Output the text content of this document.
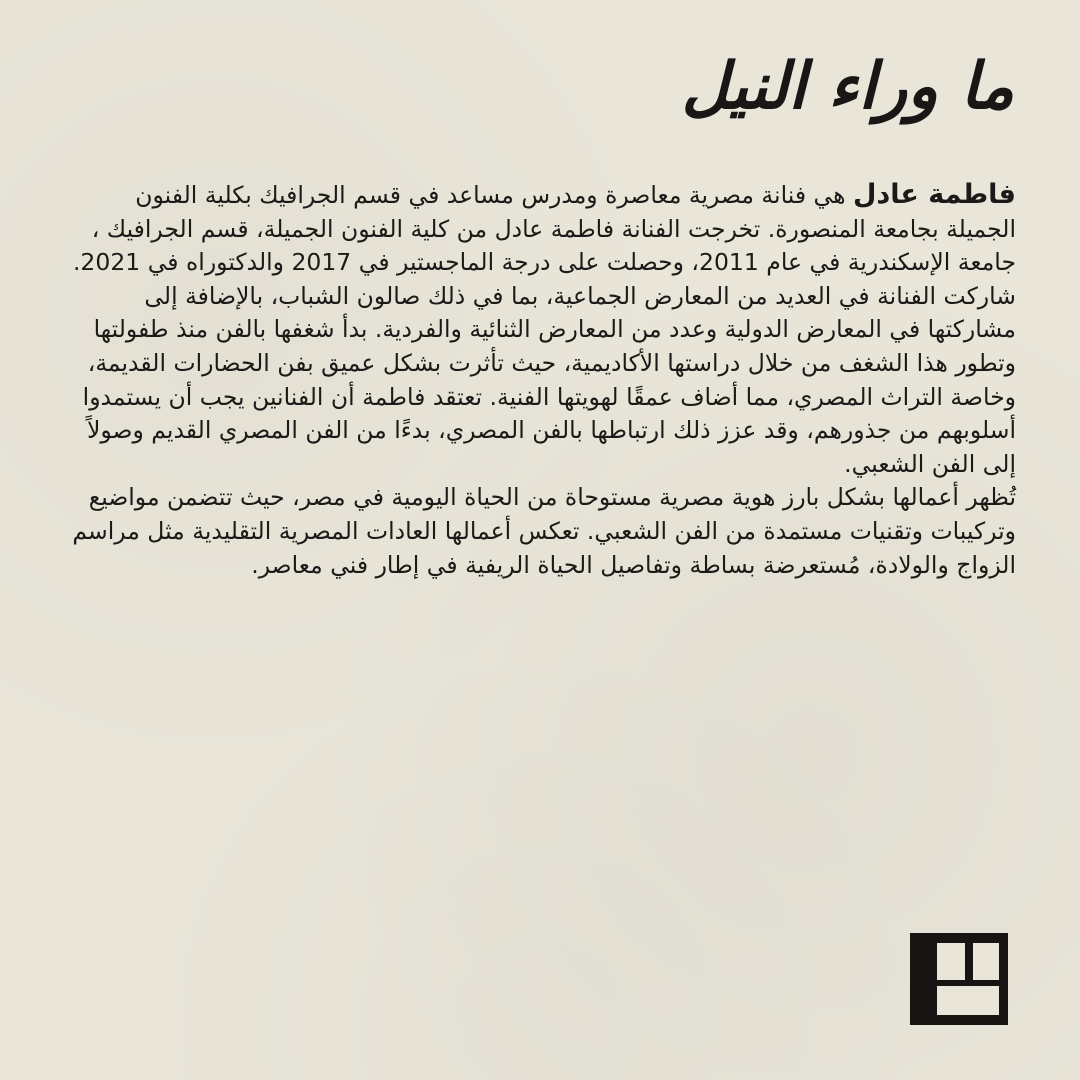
ما وراء النيل

فاطمة عادل هي فنانة مصرية معاصرة ومدرس مساعد في قسم الجرافيك بكلية الفنون الجميلة بجامعة المنصورة. تخرجت الفنانة فاطمة عادل من كلية الفنون الجميلة، قسم الجرافيك ، جامعة الإسكندرية في عام 2011، وحصلت على درجة الماجستير في 2017 والدكتوراه في 2021.

شاركت الفنانة في العديد من المعارض الجماعية، بما في ذلك صالون الشباب، بالإضافة إلى مشاركتها في المعارض الدولية وعدد من المعارض الثنائية والفردية. بدأ شغفها بالفن منذ طفولتها وتطور هذا الشغف من خلال دراستها الأكاديمية، حيث تأثرت بشكل عميق بفن الحضارات القديمة، وخاصة التراث المصري، مما أضاف عمقًا لهويتها الفنية. تعتقد فاطمة أن الفنانين يجب أن يستمدوا أسلوبهم من جذورهم، وقد عزز ذلك ارتباطها بالفن المصري، بدءًا من الفن المصري القديم وصولاً إلى الفن الشعبي.

تُظهر أعمالها بشكل بارز هوية مصرية مستوحاة من الحياة اليومية في مصر، حيث تتضمن مواضيع وتركيبات وتقنيات مستمدة من الفن الشعبي. تعكس أعمالها العادات المصرية التقليدية مثل مراسم الزواج والولادة، مُستعرضة بساطة وتفاصيل الحياة الريفية في إطار فني معاصر.
